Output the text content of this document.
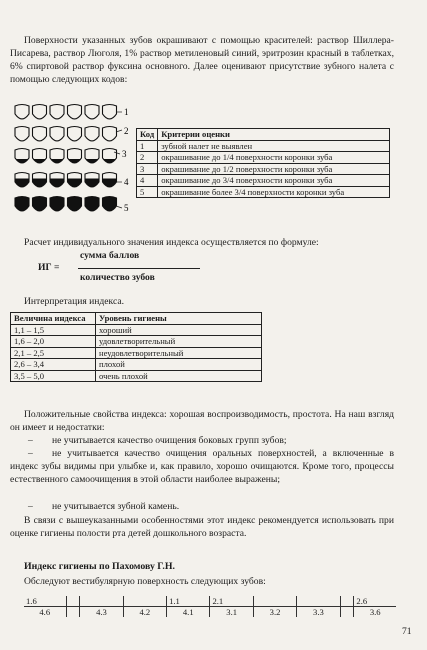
Поверхности указанных зубов окрашивают с помощью красителей: раствор Шиллера-Писарева, раствор Люголя, 1% раствор метиленовый синий, эритрозин красный в таблетках, 6% спиртовой раствор фуксина основного. Далее оценивают присутствие зубного налета с помощью следующих кодов:

1
2
3
4
5
Код	Критерии оценки
1	зубной налет не выявлен
2	окрашивание до 1/4 поверхности коронки зуба
3	окрашивание до 1/2 поверхности коронки зуба
4	окрашивание до 3/4 поверхности коронки зуба
5	окрашивание более 3/4 поверхности коронки зуба

Расчет индивидуального значения индекса осуществляется по формуле:

ИГ =
сумма баллов
количество зубов

Интерпретация индекса.

Величина индекса	Уровень гигиены
1,1 – 1,5	хороший
1,6 – 2,0	удовлетворительный
2,1 – 2,5	неудовлетворительный
2,6 – 3,4	плохой
3,5 – 5,0	очень плохой

Положительные свойства индекса: хорошая воспроизводимость, простота. На наш взгляд он имеет и недостатки:

– не учитывается качество очищения боковых групп зубов;

– не учитывается качество очищения оральных поверхностей, а включенные в индекс зубы видимы при улыбке и, как правило, хорошо очищаются. Кроме того, процессы естественного самоочищения в этой области наиболее выражены;

– не учитывается зубной камень.

В связи с вышеуказанными особенностями этот индекс рекомендуется использовать при оценке гигиены полости рта детей дошкольного возраста.

Индекс гигиены по Пахомову Г.Н.

Обследуют вестибулярную поверхность следующих зубов:

1.6				1.1	2.1				2.6
4.6		4.3	4.2	4.1	3.1	3.2	3.3		3.6
71
